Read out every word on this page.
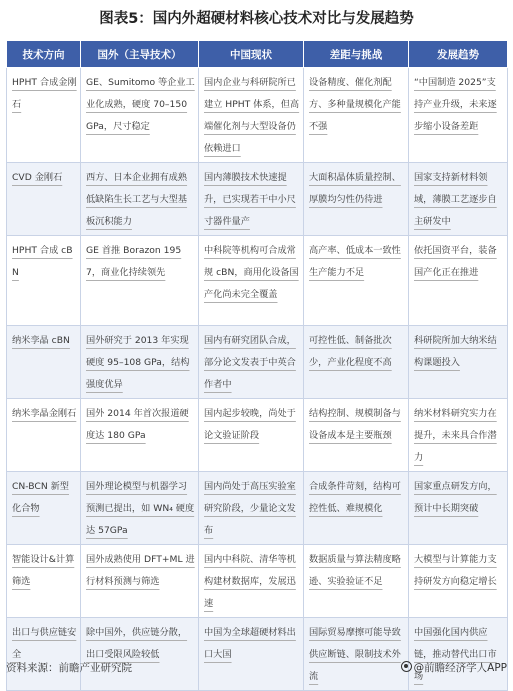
图表5：国内外超硬材料核心技术对比与发展趋势
技术方向	国外（主导技术）	中国现状	差距与挑战	发展趋势
HPHT 合成金刚石	GE、Sumitomo 等企业工业化成熟，硬度 70–150 GPa，尺寸稳定	国内企业与科研院所已建立 HPHT 体系，但高端催化剂与大型设备仍依赖进口	设备精度、催化剂配方、多种量规模化产能不强	“中国制造 2025”支持产业升级，未来逐步缩小设备差距
CVD 金刚石	西方、日本企业拥有成熟低缺陷生长工艺与大型基板沉积能力	国内薄膜技术快速提升，已实现若干中小尺寸器件量产	大面积晶体质量控制、厚膜均匀性仍待进	国家支持新材料领域，薄膜工艺逐步自主研发中
HPHT 合成 cBN	GE 首推 Borazon 1957，商业化持续领先	中科院等机构可合成常规 cBN，商用化设备国产化尚未完全覆盖	高产率、低成本一致性生产能力不足	依托国资平台，装备国产化正在推进
纳米孪晶 cBN	国外研究于 2013 年实现硬度 95–108 GPa，结构强度优异	国内有研究团队合成，部分论文发表于中英合作者中	可控性低、制备批次少，产业化程度不高	科研院所加大纳米结构课题投入
纳米孪晶金刚石	国外 2014 年首次报道硬度达 180 GPa	国内起步较晚，尚处于论文验证阶段	结构控制、规模制备与设备成本是主要瓶颈	纳米材料研究实力在提升，未来具合作潜力
CN-BCN 新型化合物	国外理论模型与机器学习预测已提出，如 WN₄ 硬度达 57GPa	国内尚处于高压实验室研究阶段，少量论文发布	合成条件苛刻，结构可控性低、难规模化	国家重点研发方向，预计中长期突破
智能设计&计算筛选	国外成熟使用 DFT+ML 进行材料预测与筛选	国内中科院、清华等机构建材数据库，发展迅速	数据质量与算法精度略逊、实验验证不足	大模型与计算能力支持研发方向稳定增长
出口与供应链安全	除中国外，供应链分散，出口受限风险较低	中国为全球超硬材料出口大国	国际贸易摩擦可能导致供应断链、限制技术外流	中国强化国内供应链，推动替代出口市场
资料来源：前瞻产业研究院	@前瞻经济学人APP
